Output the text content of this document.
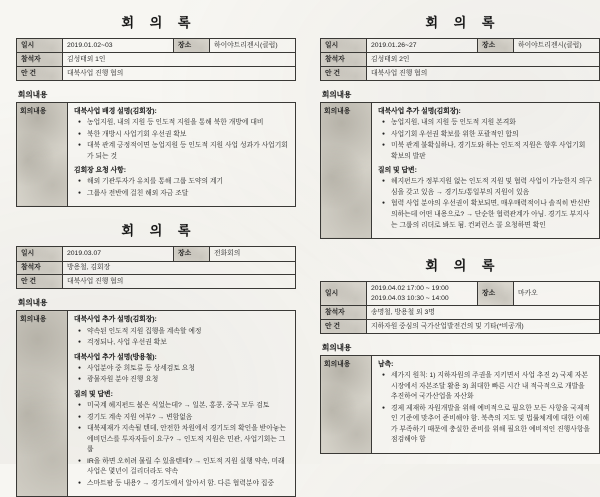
회 의 록
일시	2019.01.02~03	장소	하이야트리젠시(클럽)
참석자	김성태외 1인		
안 건	대북사업 진행 협의		
회의내용
회의내용	대북사업 배경 설명(김회장):
● 농업지원, 내의 지원 등 인도적 지원을 통해 북한 개방에 대비
● 북한 개방시 사업기회 우선권 확보
● 대북 관계 긍정적이면 농업지원 등 인도적 지원 사업 성과가 사업기회가 되는 것
김회장 요청 사항:
● 해외 기관투자가 유치를 통해 그룹 도약의 계기
● 그룹사 전반에 걸친 해외 자금 조달
회 의 록
일시	2019.03.07	장소	전화회의
참석자	방용철, 김회장		
안 건	대북사업 진행 협의		
회의내용
회의내용	대북사업 추가 설명(김회장):
● 약속된 인도적 지원 집행을 계속할 예정
● 걱정되나, 사업 우선권 확보
대북사업 추가 설명(방용철):
● 사업분야 중 희토류 등 상세검토 요청
● 광물자원 분야 진행 요청
질의 및 답변:
● 미국계 헤지펀드 붐은 식었는데? → 일본, 홍콩, 중국 모두 검토
● 경기도 계속 지원 여부? → 변함없음
● 대북제재가 지속될 텐데, 안전한 차원에서 경기도의 확인을 받아놓는 에비던스를 투자자들이 요구? → 인도적 지원은 민관, 사업기회는 그룹
● IR을 하면 오히려 물릴 수 있을텐데? → 인도적 지원 실행 약속, 미래사업은 몇년이 걸리더라도 약속
● 스마트팜 등 내용? → 경기도에서 알아서 함. 다른 협력분야 집중
회 의 록
일시	2019.01.26~27	장소	하이야트리젠시(클럽)
참석자	김성태외 2인		
안 건	대북사업 진행 협의		
회의내용
회의내용	대북사업 추가 설명(김회장):
● 농업지원, 내의 지원 등 인도적 지원 본격화
● 사업기회 우선권 확보를 위한 포괄적인 합의
● 미북 관계 불확실하나, 경기도와 하는 인도적 지원은 향후 사업기회 확보의 발판
질의 및 답변:
● 헤지펀드가 정부지원 없는 인도적 지원 및 협력 사업이 가능한지 의구심을 갖고 있음 → 경기도/통일부의 지원이 있음
● 협력 사업 분야의 우선권이 확보되면, 매우매력적이나 솔직히 반신반의하는데 어떤 내용으로? → 단순한 협력관계가 아님. 경기도 부지사는 그룹의 리더로 봐도 됨. 컨퍼런스 콜 요청하면 확인
회 의 록
일시	2019.04.02 17:00 ~ 19:00
2019.04.03 10:30 ~ 14:00	장소	마카오
참석자	송명철, 방용철 외 3명		
안 건	지하자원 중심의 국가산업발전건의 및 기타(*비공개)		
회의내용
회의내용	남측:
● 세가지 원칙: 1) 지하자원의 주권을 지키면서 사업 추진 2) 국제 자본시장에서 자본조달 활용 3) 최대한 빠른 시간 내 적극적으로 개발을 추진하여 국가산업을 자산화
● 경제 제재하 자원개발을 위해 예비적으로 필요한 모든 사항을 국제적인 기준에 맞추어 준비해야 함. 북측의 지도 및 법률체계에 대한 이해가 부족하기 때문에 충실한 준비를 위해 필요한 예비적인 진행사항을 점검해야 함
